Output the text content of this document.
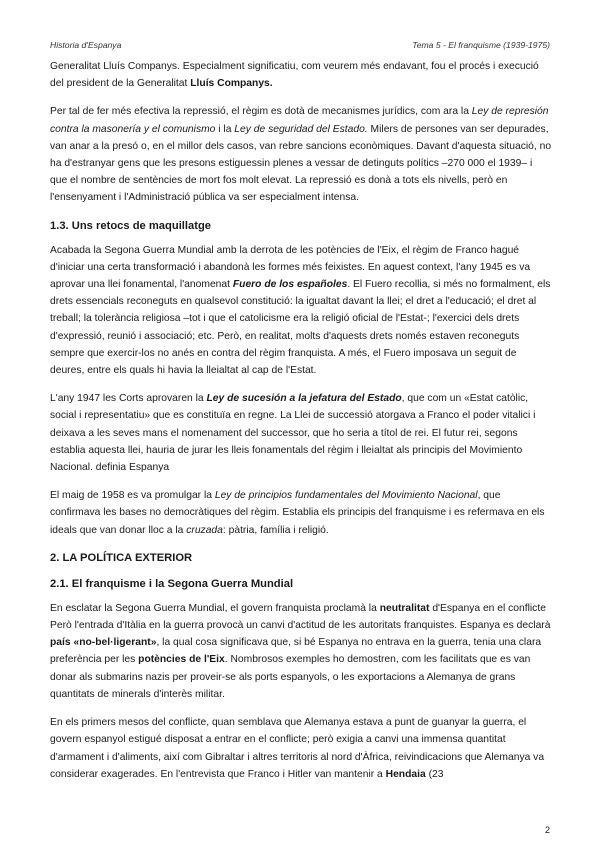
Historia d'Espanya	Tema 5 - El franquisme (1939-1975)

Generalitat Lluís Companys. Especialment significatiu, com veurem més endavant, fou el procés i execució del president de la Generalitat Lluís Companys.

Per tal de fer més efectiva la repressió, el règim es dotà de mecanismes jurídics, com ara la Ley de represión contra la masonería y el comunismo i la Ley de seguridad del Estado. Milers de persones van ser depurades, van anar a la presó o, en el millor dels casos, van rebre sancions econòmiques. Davant d'aquesta situació, no ha d'estranyar gens que les presons estiguessin plenes a vessar de detinguts polítics –270 000 el 1939– i que el nombre de sentències de mort fos molt elevat. La repressió es donà a tots els nivells, però en l'ensenyament i l'Administració pública va ser especialment intensa.

1.3. Uns retocs de maquillatge

Acabada la Segona Guerra Mundial amb la derrota de les potències de l'Eix, el règim de Franco hagué d'iniciar una certa transformació i abandonà les formes més feixistes. En aquest context, l'any 1945 es va aprovar una llei fonamental, l'anomenat Fuero de los españoles. El Fuero recollia, si més no formalment, els drets essencials reconeguts en qualsevol constitució: la igualtat davant la llei; el dret a l'educació; el dret al treball; la tolerància religiosa –tot i que el catolicisme era la religió oficial de l'Estat-; l'exercici dels drets d'expressió, reunió i associació; etc. Però, en realitat, molts d'aquests drets només estaven reconeguts sempre que exercir-los no anés en contra del règim franquista. A més, el Fuero imposava un seguit de deures, entre els quals hi havia la lleialtat al cap de l'Estat.

L'any 1947 les Corts aprovaren la Ley de sucesión a la jefatura del Estado, que com un «Estat catòlic, social i representatiu» que es constituïa en regne. La Llei de successió atorgava a Franco el poder vitalici i deixava a les seves mans el nomenament del successor, que ho seria a títol de rei. El futur rei, segons establia aquesta llei, hauria de jurar les lleis fonamentals del règim i lleialtat als principis del Movimiento Nacional. definia Espanya

El maig de 1958 es va promulgar la Ley de principios fundamentales del Movimiento Nacional, que confirmava les bases no democràtiques del règim. Establia els principis del franquisme i es refermava en els ideals que van donar lloc a la cruzada: pàtria, família i religió.

2. LA POLÍTICA EXTERIOR
2.1. El franquisme i la Segona Guerra Mundial

En esclatar la Segona Guerra Mundial, el govern franquista proclamà la neutralitat d'Espanya en el conflicte Però l'entrada d'Itàlia en la guerra provocà un canvi d'actitud de les autoritats franquistes. Espanya es declarà país «no-bel·ligerant», la qual cosa significava que, si bé Espanya no entrava en la guerra, tenia una clara preferència per les potències de l'Eix. Nombrosos exemples ho demostren, com les facilitats que es van donar als submarins nazis per proveir-se als ports espanyols, o les exportacions a Alemanya de grans quantitats de minerals d'interès militar.

En els primers mesos del conflicte, quan semblava que Alemanya estava a punt de guanyar la guerra, el govern espanyol estigué disposat a entrar en el conflicte; però exigia a canvi una immensa quantitat d'armament i d'aliments, així com Gibraltar i altres territoris al nord d'Àfrica, reivindicacions que Alemanya va considerar exagerades. En l'entrevista que Franco i Hitler van mantenir a Hendaia (23

2
